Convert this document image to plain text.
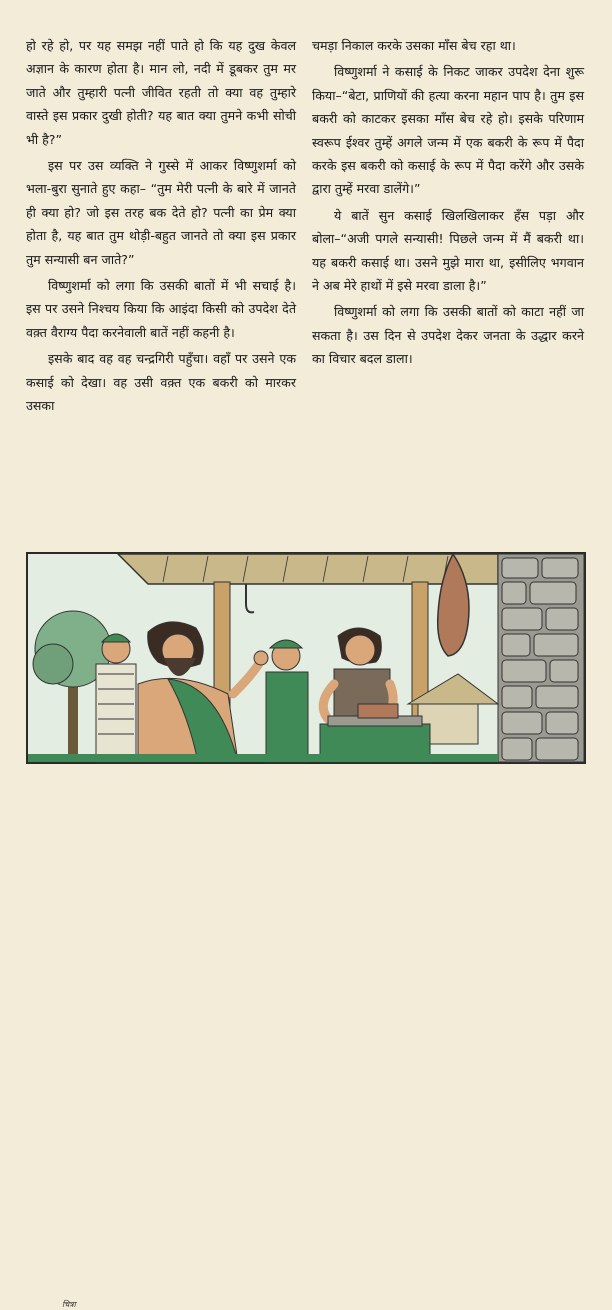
हो रहे हो, पर यह समझ नहीं पाते हो कि यह दुख केवल अज्ञान के कारण होता है। मान लो, नदी में डूबकर तुम मर जाते और तुम्हारी पत्नी जीवित रहती तो क्या वह तुम्हारे वास्ते इस प्रकार दुखी होती? यह बात क्या तुमने कभी सोची भी है?”

इस पर उस व्यक्ति ने गुस्से में आकर विष्णुशर्मा को भला-बुरा सुनाते हुए कहा– “तुम मेरी पत्नी के बारे में जानते ही क्या हो? जो इस तरह बक देते हो? पत्नी का प्रेम क्या होता है, यह बात तुम थोड़ी-बहुत जानते तो क्या इस प्रकार तुम सन्यासी बन जाते?”

विष्णुशर्मा को लगा कि उसकी बातों में भी सचाई है। इस पर उसने निश्चय किया कि आइंदा किसी को उपदेश देते वक़्त वैराग्य पैदा करनेवाली बातें नहीं कहनी है।

इसके बाद वह वह चन्द्रगिरी पहुँचा। वहाँ पर उसने एक कसाई को देखा। वह उसी वक़्त एक बकरी को मारकर उसका

चमड़ा निकाल करके उसका माँस बेच रहा था।

विष्णुशर्मा ने कसाई के निकट जाकर उपदेश देना शुरू किया–“बेटा, प्राणियों की हत्या करना महान पाप है। तुम इस बकरी को काटकर इसका माँस बेच रहे हो। इसके परिणाम स्वरूप ईश्वर तुम्हें अगले जन्म में एक बकरी के रूप में पैदा करके इस बकरी को कसाई के रूप में पैदा करेंगे और उसके द्वारा तुम्हें मरवा डालेंगे।”

ये बातें सुन कसाई खिलखिलाकर हँस पड़ा और बोला–“अजी पगले सन्यासी! पिछले जन्म में मैं बकरी था। यह बकरी कसाई था। उसने मुझे मारा था, इसीलिए भगवान ने अब मेरे हाथों में इसे मरवा डाला है।”

विष्णुशर्मा को लगा कि उसकी बातों को काटा नहीं जा सकता है। उस दिन से उपदेश देकर जनता के उद्धार करने का विचार बदल डाला।

चित्रा
